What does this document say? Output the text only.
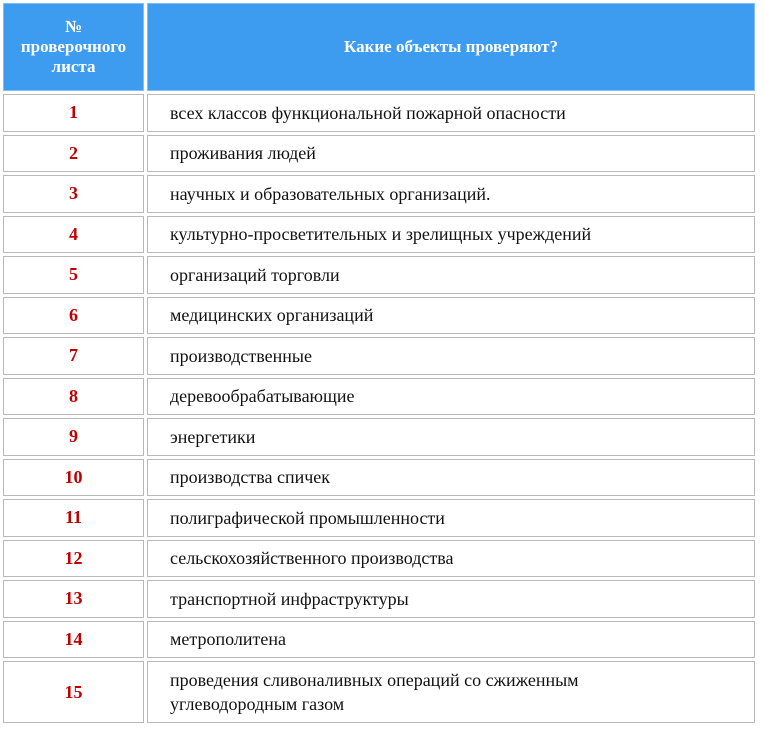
№
проверочного
листа	Какие объекты проверяют?
1	всех классов функциональной пожарной опасности
2	проживания людей
3	научных и образовательных организаций.
4	культурно-просветительных и зрелищных учреждений
5	организаций торговли
6	медицинских организаций
7	производственные
8	деревообрабатывающие
9	энергетики
10	производства спичек
11	полиграфической промышленности
12	сельскохозяйственного производства
13	транспортной инфраструктуры
14	метрополитена
15	проведения сливоналивных операций со сжиженным
углеводородным газом
